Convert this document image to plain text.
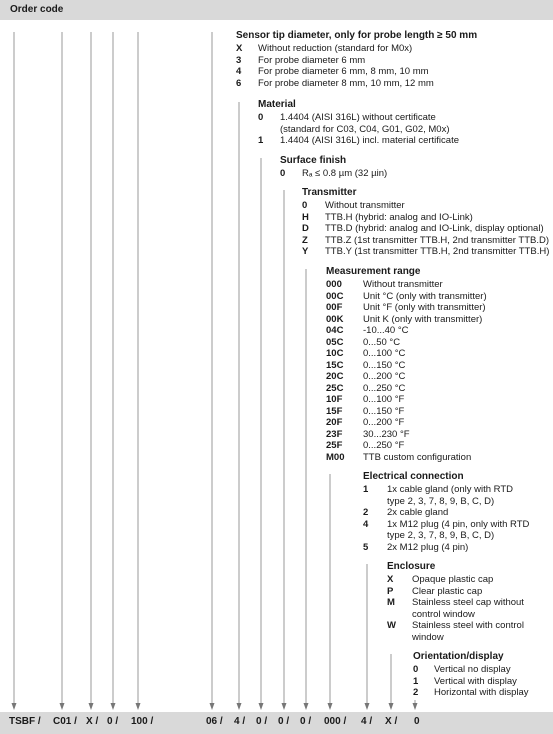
Order code
Sensor tip diameter, only for probe length ≥ 50 mm
X	Without reduction (standard for M0x)
3	For probe diameter 6 mm
4	For probe diameter 6 mm, 8 mm, 10 mm
6	For probe diameter 8 mm, 10 mm, 12 mm
Material
0	1.4404 (AISI 316L) without certificate
(standard for C03, C04, G01, G02, M0x)
1	1.4404 (AISI 316L) incl. material certificate
Surface finish
0	Rₐ ≤ 0.8 µm (32 µin)
Transmitter
0	Without transmitter
H	TTB.H (hybrid: analog and IO-Link)
D	TTB.D (hybrid: analog and IO-Link, display optional)
Z	TTB.Z (1st transmitter TTB.H, 2nd transmitter TTB.D)
Y	TTB.Y (1st transmitter TTB.H, 2nd transmitter TTB.H)
Measurement range
000	Without transmitter
00C	Unit °C (only with transmitter)
00F	Unit °F (only with transmitter)
00K	Unit K (only with transmitter)
04C	-10...40 °C
05C	0...50 °C
10C	0...100 °C
15C	0...150 °C
20C	0...200 °C
25C	0...250 °C
10F	0...100 °F
15F	0...150 °F
20F	0...200 °F
23F	30...230 °F
25F	0...250 °F
M00	TTB custom configuration
Electrical connection
1	1x cable gland (only with RTD
type 2, 3, 7, 8, 9, B, C, D)
2	2x cable gland
4	1x M12 plug (4 pin, only with RTD
type 2, 3, 7, 8, 9, B, C, D)
5	2x M12 plug (4 pin)
Enclosure
X	Opaque plastic cap
P	Clear plastic cap
M	Stainless steel cap without
control window
W	Stainless steel with control
window
Orientation/display
0	Vertical no display
1	Vertical with display
2	Horizontal with display
TSBF / C01 / X / 0 / 100 /	06 / 4 / 0 / 0 / 0 / 000 / 4 / X / 0
